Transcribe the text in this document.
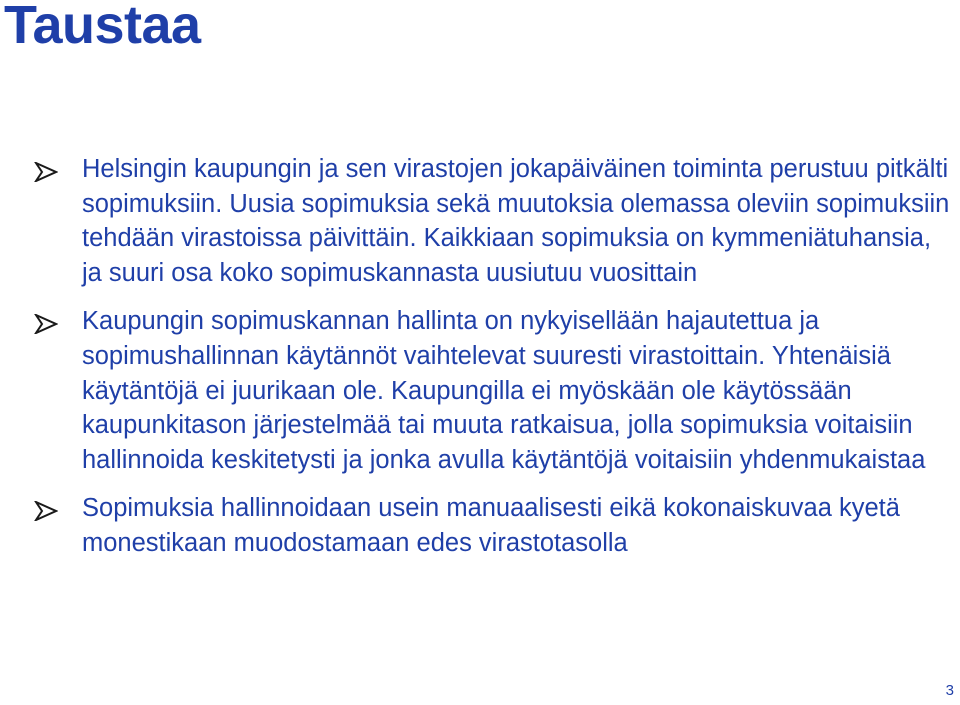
Taustaa
Helsingin kaupungin ja sen virastojen jokapäiväinen toiminta perustuu pitkälti sopimuksiin. Uusia sopimuksia sekä muutoksia olemassa oleviin sopimuksiin tehdään virastoissa päivittäin. Kaikkiaan sopimuksia on kymmeniätuhansia, ja suuri osa koko sopimuskannasta uusiutuu vuosittain
Kaupungin sopimuskannan hallinta on nykyisellään hajautettua ja sopimushallinnan käytännöt vaihtelevat suuresti virastoittain. Yhtenäisiä käytäntöjä ei juurikaan ole. Kaupungilla ei myöskään ole käytössään kaupunkitason järjestelmää tai muuta ratkaisua, jolla sopimuksia voitaisiin hallinnoida keskitetysti ja jonka avulla käytäntöjä voitaisiin yhdenmukaistaa
Sopimuksia hallinnoidaan usein manuaalisesti eikä kokonaiskuvaa kyetä monestikaan muodostamaan edes virastotasolla
3
